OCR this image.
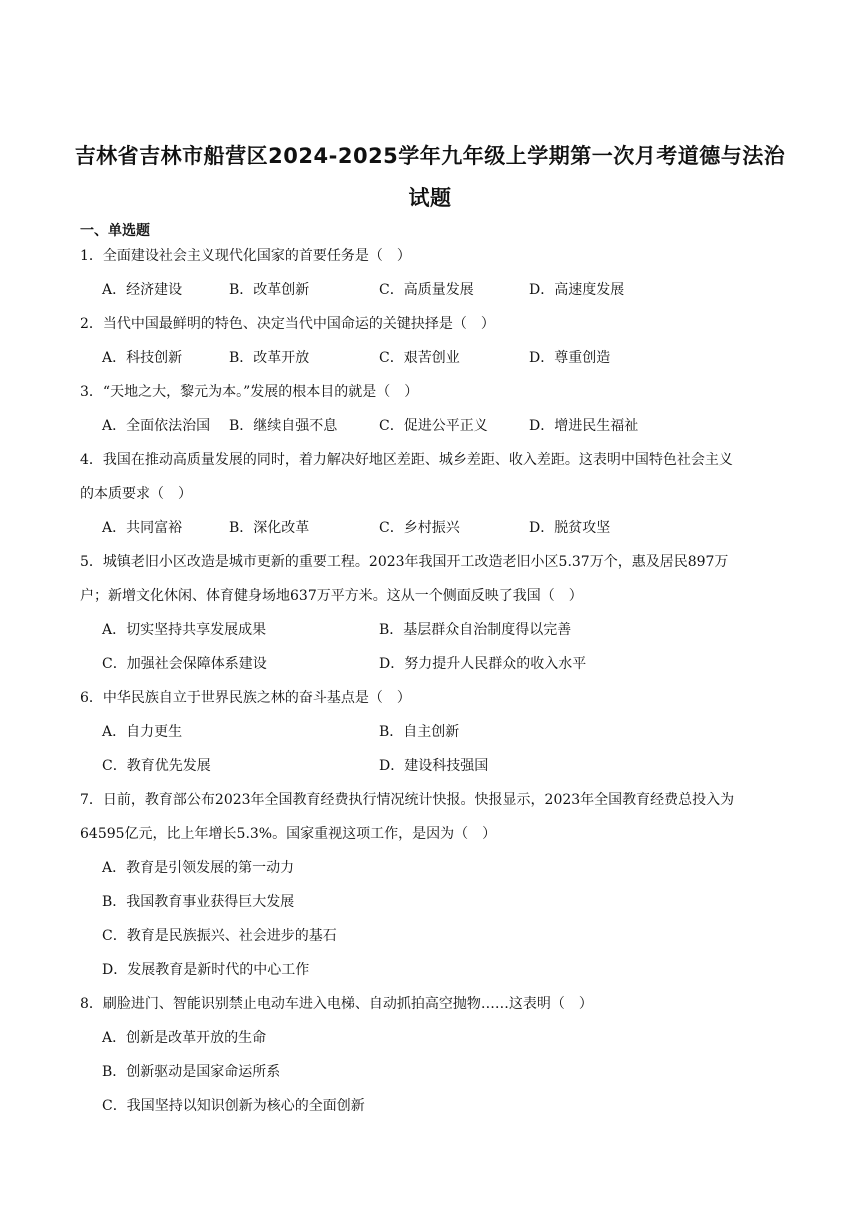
吉林省吉林市船营区2024-2025学年九年级上学期第一次月考道德与法治
试题
一、单选题
1．全面建设社会主义现代化国家的首要任务是（　）
A．经济建设	B．改革创新	C．高质量发展	D．高速度发展
2．当代中国最鲜明的特色、决定当代中国命运的关键抉择是（　）
A．科技创新	B．改革开放	C．艰苦创业	D．尊重创造
3．“天地之大，黎元为本。”发展的根本目的就是（　）
A．全面依法治国 B．继续自强不息	C．促进公平正义	D．增进民生福祉
4．我国在推动高质量发展的同时，着力解决好地区差距、城乡差距、收入差距。这表明中国特色社会主义
的本质要求（　）
A．共同富裕	B．深化改革	C．乡村振兴	D．脱贫攻坚
5．城镇老旧小区改造是城市更新的重要工程。2023年我国开工改造老旧小区5.37万个，惠及居民897万
户；新增文化休闲、体育健身场地637万平方米。这从一个侧面反映了我国（　）
A．切实坚持共享发展成果	B．基层群众自治制度得以完善
C．加强社会保障体系建设	D．努力提升人民群众的收入水平
6．中华民族自立于世界民族之林的奋斗基点是（　）
A．自力更生	B．自主创新
C．教育优先发展	D．建设科技强国
7．日前，教育部公布2023年全国教育经费执行情况统计快报。快报显示，2023年全国教育经费总投入为
64595亿元，比上年增长5.3%。国家重视这项工作，是因为（　）
A．教育是引领发展的第一动力
B．我国教育事业获得巨大发展
C．教育是民族振兴、社会进步的基石
D．发展教育是新时代的中心工作
8．刷脸进门、智能识别禁止电动车进入电梯、自动抓拍高空抛物……这表明（　）
A．创新是改革开放的生命
B．创新驱动是国家命运所系
C．我国坚持以知识创新为核心的全面创新
